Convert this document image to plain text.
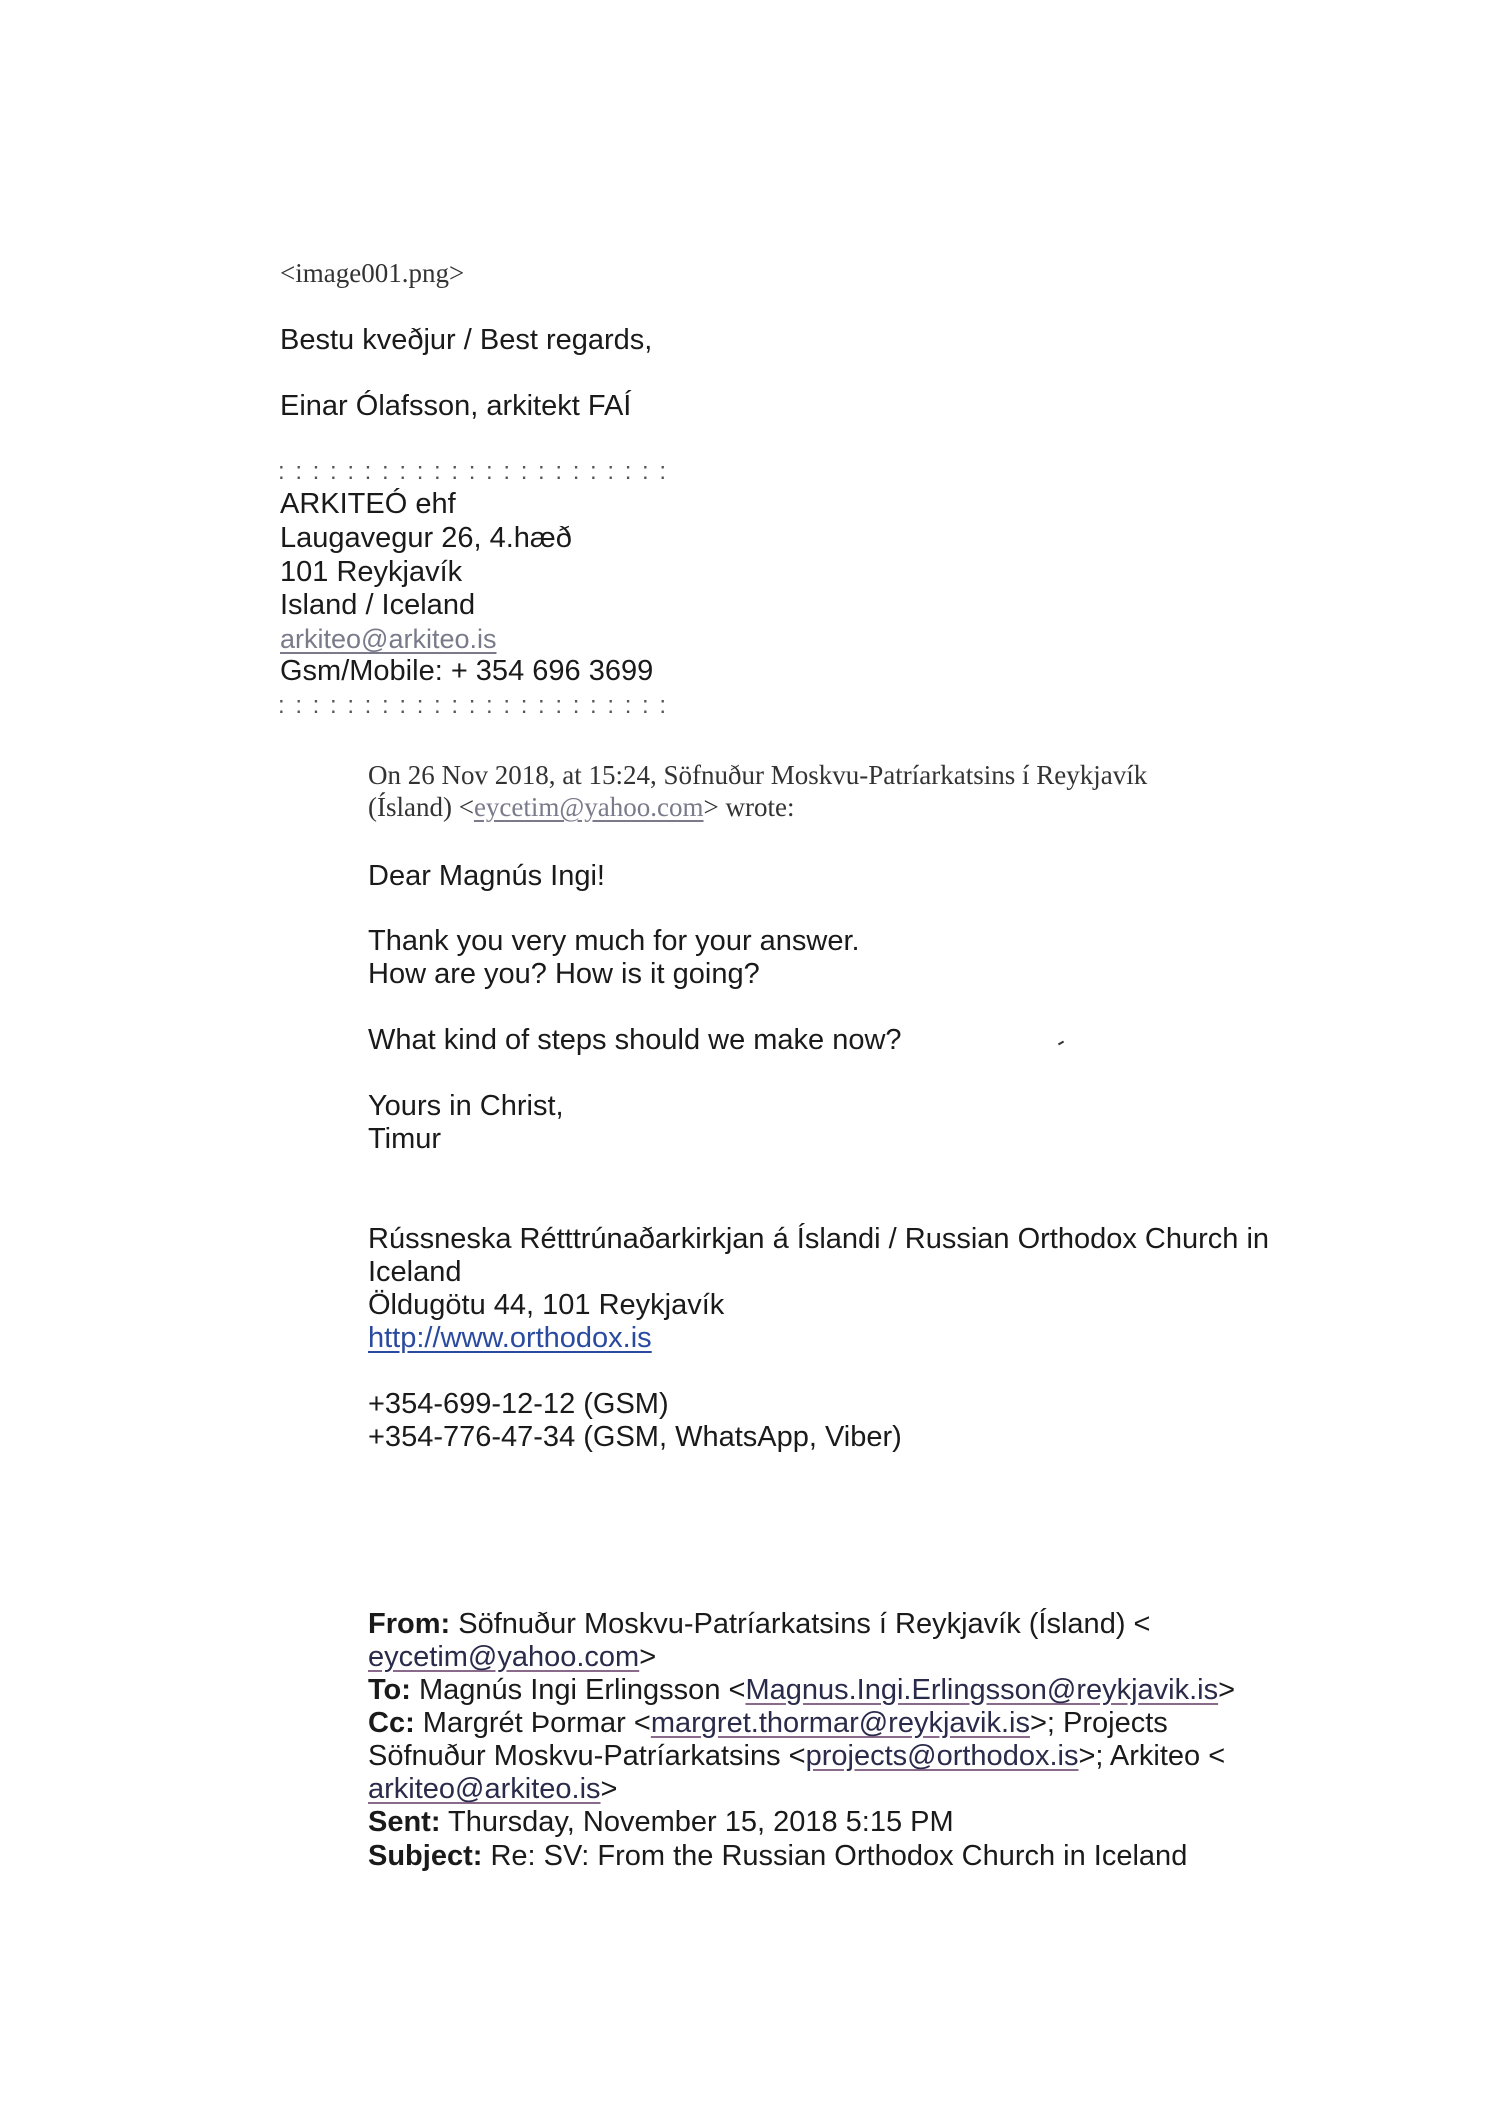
<image001.png>
Bestu kveðjur / Best regards,
Einar Ólafsson, arkitekt FAÍ
: : : : : : : : : : : : : : : : : : : : : : :
ARKITEÓ ehf
Laugavegur 26, 4.hæð
101 Reykjavík
Island / Iceland
arkiteo@arkiteo.is
Gsm/Mobile: + 354 696 3699
: : : : : : : : : : : : : : : : : : : : : : :
On 26 Nov 2018, at 15:24, Söfnuður Moskvu-Patríarkatsins í Reykjavík
(Ísland) <eycetim@yahoo.com> wrote:
Dear Magnús Ingi!
Thank you very much for your answer.
How are you? How is it going?
What kind of steps should we make now?
Yours in Christ,
Timur
Rússneska Rétttrúnaðarkirkjan á Íslandi / Russian Orthodox Church in
Iceland
Öldugötu 44, 101 Reykjavík
http://www.orthodox.is
+354-699-12-12 (GSM)
+354-776-47-34 (GSM, WhatsApp, Viber)
From: Söfnuður Moskvu-Patríarkatsins í Reykjavík (Ísland) <
eycetim@yahoo.com>
To: Magnús Ingi Erlingsson <Magnus.Ingi.Erlingsson@reykjavik.is>
Cc: Margrét Þormar <margret.thormar@reykjavik.is>; Projects
Söfnuður Moskvu-Patríarkatsins <projects@orthodox.is>; Arkiteo <
arkiteo@arkiteo.is>
Sent: Thursday, November 15, 2018 5:15 PM
Subject: Re: SV: From the Russian Orthodox Church in Iceland
